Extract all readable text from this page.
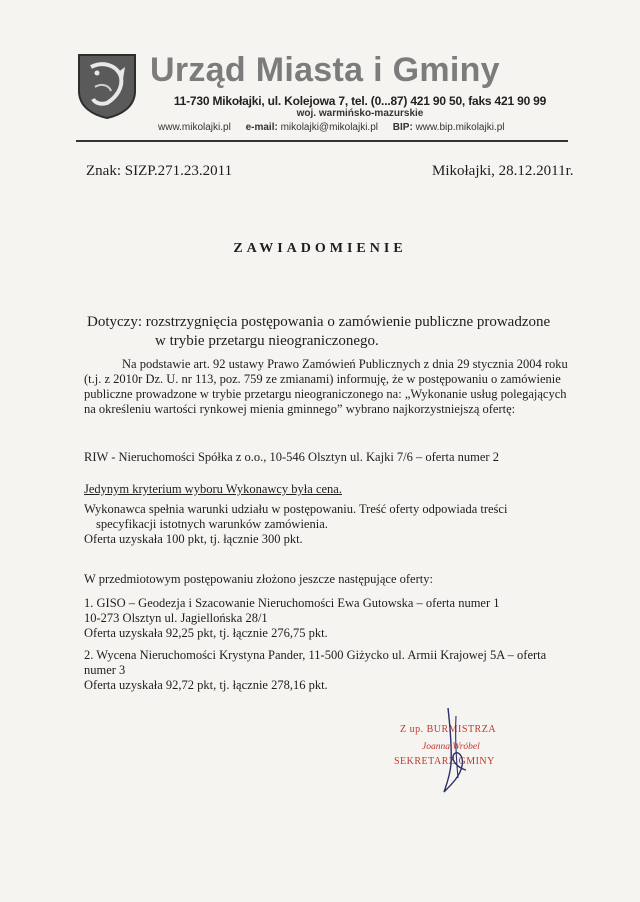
Urząd Miasta i Gminy
11-730 Mikołajki, ul. Kolejowa 7, tel. (0...87) 421 90 50, faks 421 90 99
woj. warmińsko-mazurskie
www.mikolajki.pl e-mail: mikolajki@mikolajki.pl BIP: www.bip.mikolajki.pl
Znak: SIZP.271.23.2011	Mikołajki, 28.12.2011r.
ZAWIADOMIENIE
Dotyczy: rozstrzygnięcia postępowania o zamówienie publiczne prowadzone
w trybie przetargu nieograniczonego.
Na podstawie art. 92 ustawy Prawo Zamówień Publicznych z dnia 29 stycznia 2004 roku (t.j. z 2010r Dz. U. nr 113, poz. 759 ze zmianami) informuję, że w postępowaniu o zamówienie publiczne prowadzone w trybie przetargu nieograniczonego na: „Wykonanie usług polegających na określeniu wartości rynkowej mienia gminnego” wybrano najkorzystniejszą ofertę:
RIW - Nieruchomości Spółka z o.o., 10-546 Olsztyn ul. Kajki 7/6 – oferta numer 2
Jedynym kryterium wyboru Wykonawcy była cena.
Wykonawca spełnia warunki udziału w postępowaniu. Treść oferty odpowiada treści
specyfikacji istotnych warunków zamówienia.
Oferta uzyskała 100 pkt, tj. łącznie 300 pkt.
W przedmiotowym postępowaniu złożono jeszcze następujące oferty:
1. GISO – Geodezja i Szacowanie Nieruchomości Ewa Gutowska – oferta numer 1
10-273 Olsztyn ul. Jagiellońska 28/1
Oferta uzyskała 92,25 pkt, tj. łącznie 276,75 pkt.
2. Wycena Nieruchomości Krystyna Pander, 11-500 Giżycko ul. Armii Krajowej 5A – oferta numer 3
Oferta uzyskała 92,72 pkt, tj. łącznie 278,16 pkt.
Z up. BURMISTRZA
Joanna Wróbel
SEKRETARZ GMINY
